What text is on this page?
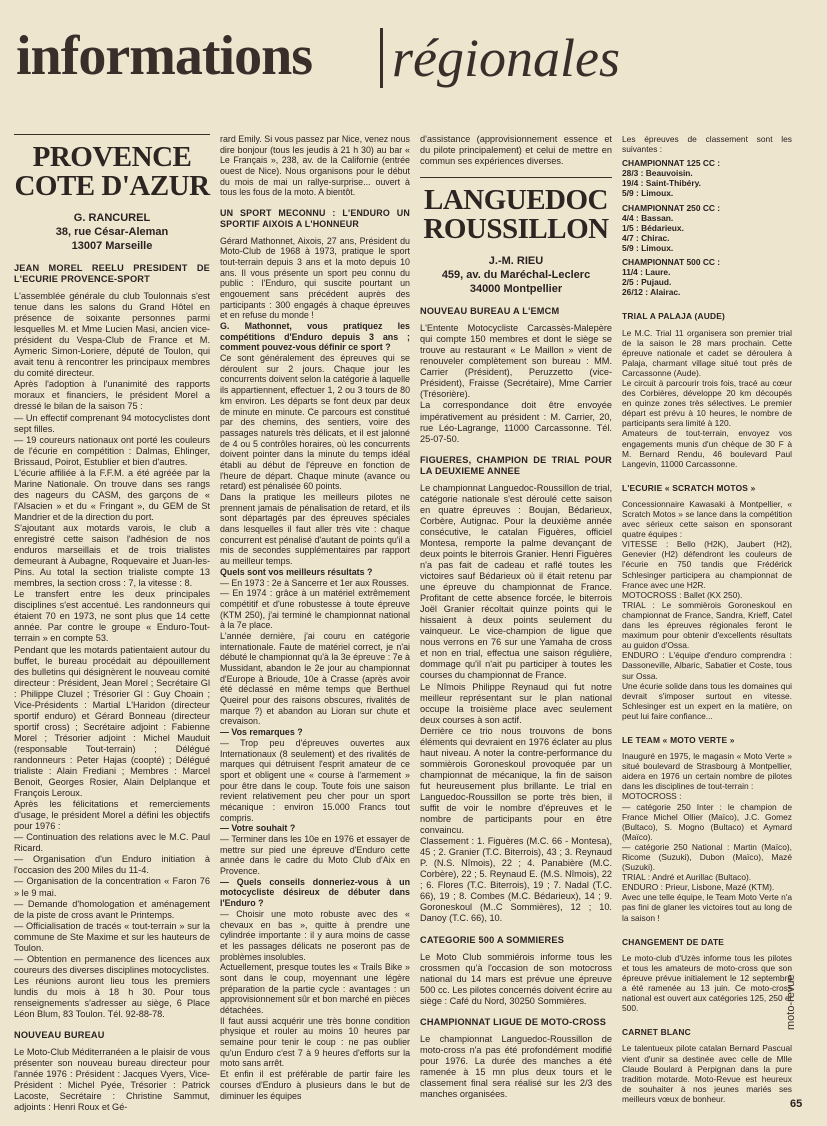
informations régionales
PROVENCE COTE D'AZUR
G. RANCUREL
38, rue César-Aleman
13007 Marseille
JEAN MOREL REELU PRESIDENT DE L'ECURIE PROVENCE-SPORT

L'assemblée générale du club Toulonnais s'est tenue dans les salons du Grand Hôtel en présence de soixante personnes parmi lesquelles M. et Mme Lucien Masi, ancien vice-président du Vespa-Club de France et M. Aymeric Simon-Loriere, député de Toulon, qui avait tenu à rencontrer les principaux membres du comité directeur.

Après l'adoption à l'unanimité des rapports moraux et financiers, le président Morel a dressé le bilan de la saison 75 :

— Un effectif comprenant 94 motocyclistes dont sept filles.

— 19 coureurs nationaux ont porté les couleurs de l'écurie en compétition : Dalmas, Ehlinger, Brissaud, Poirot, Estublier et bien d'autres.

L'écurie affiliée à la F.F.M. a été agréée par la Marine Nationale. On trouve dans ses rangs des nageurs du CASM, des garçons de « l'Alsacien » et du « Fringant », du GEM de St Mandrier et de la direction du port.

S'ajoutant aux motards varois, le club a enregistré cette saison l'adhésion de nos enduros marseillais et de trois trialistes demeurant à Aubagne, Roquevaire et Juan-les-Pins. Au total la section trialiste compte 13 membres, la section cross : 7, la vitesse : 8.

Le transfert entre les deux principales disciplines s'est accentué. Les randonneurs qui étaient 70 en 1973, ne sont plus que 14 cette année. Par contre le groupe « Enduro-Tout-terrain » en compte 53.

Pendant que les motards patientaient autour du buffet, le bureau procédait au dépouillement des bulletins qui désignèrent le nouveau comité directeur : Président, Jean Morel ; Secrétaire Gl : Philippe Cluzel ; Trésorier Gl : Guy Choain ; Vice-Présidents : Martial L'Haridon (directeur sportif enduro) et Gérard Bonneau (directeur sportif cross) ; Secrétaire adjoint : Fabienne Morel ; Trésorier adjoint : Michel Mauduit (responsable Tout-terrain) ; Délégué randonneurs : Peter Hajas (coopté) ; Délégué trialiste : Alain Frediani ; Membres : Marcel Benoit, Georges Rosier, Alain Delplanque et François Leroux.

Après les félicitations et remerciements d'usage, le président Morel a défini les objectifs pour 1976 :

— Continuation des relations avec le M.C. Paul Ricard.

— Organisation d'un Enduro initiation à l'occasion des 200 Miles du 11-4.

— Organisation de la concentration « Faron 76 » le 9 mai.

— Demande d'homologation et aménagement de la piste de cross avant le Printemps.

— Officialisation de tracés « tout-terrain » sur la commune de Ste Maxime et sur les hauteurs de Toulon.

— Obtention en permanence des licences aux coureurs des diverses disciplines motocyclistes.

Les réunions auront lieu tous les premiers lundis du mois à 18 h 30. Pour tous renseignements s'adresser au siège, 6 Place Léon Blum, 83 Toulon. Tél. 92-88-78.

NOUVEAU BUREAU

Le Moto-Club Méditerranéen a le plaisir de vous présenter son nouveau bureau directeur pour l'année 1976 : Président : Jacques Vyers, Vice-Président : Michel Pyée, Trésorier : Patrick Lacoste, Secrétaire : Christine Sammut, adjoints : Henri Roux et Gé-

rard Emily. Si vous passez par Nice, venez nous dire bonjour (tous les jeudis à 21 h 30) au bar « Le Français », 238, av. de la Californie (entrée ouest de Nice). Nous organisons pour le début du mois de mai un rallye-surprise... ouvert à tous les fous de la moto. A bientôt.

UN SPORT MECONNU : L'ENDURO UN SPORTIF AIXOIS A L'HONNEUR

Gérard Mathonnet, Aixois, 27 ans, Président du Moto-Club de 1968 à 1973, pratique le sport tout-terrain depuis 3 ans et la moto depuis 10 ans. Il vous présente un sport peu connu du public : l'Enduro, qui suscite pourtant un engouement sans précédent auprès des participants : 300 engagés à chaque épreuves et en refuse du monde !

G. Mathonnet, vous pratiquez les compétitions d'Enduro depuis 3 ans ; comment pouvez-vous définir ce sport ?

Ce sont généralement des épreuves qui se déroulent sur 2 jours. Chaque jour les concurrents doivent selon la catégorie à laquelle ils appartiennent, effectuer 1, 2 ou 3 tours de 80 km environ. Les départs se font deux par deux de minute en minute. Ce parcours est constitué par des chemins, des sentiers, voire des passages naturels très délicats, et il est jalonné de 4 ou 5 contrôles horaires, où les concurrents doivent pointer dans la minute du temps idéal établi au début de l'épreuve en fonction de l'heure de départ. Chaque minute (avance ou retard) est pénalisée 60 points.

Dans la pratique les meilleurs pilotes ne prennent jamais de pénalisation de retard, et ils sont départagés par des épreuves spéciales dans lesquelles il faut aller très vite : chaque concurrent est pénalisé d'autant de points qu'il a mis de secondes supplémentaires par rapport au meilleur temps.

Quels sont vos meilleurs résultats ?

— En 1973 : 2e à Sancerre et 1er aux Rousses.

— En 1974 : grâce à un matériel extrêmement compétitif et d'une robustesse à toute épreuve (KTM 250), j'ai terminé le championnat national à la 7e place.

L'année dernière, j'ai couru en catégorie internationale. Faute de matériel correct, je n'ai débuté le championnat qu'à la 3e épreuve : 7e à Mussidant, abandon le 2e jour au championnat d'Europe à Brioude, 10e à Crasse (après avoir été déclassé en même temps que Berthuel Queirel pour des raisons obscures, rivalités de marque ?) et abandon au Lioran sur chute et crevaison.

— Vos remarques ?

— Trop peu d'épreuves ouvertes aux Internationaux (8 seulement) et des rivalités de marques qui détruisent l'esprit amateur de ce sport et obligent une « course à l'armement » pour être dans le coup. Toute fois une saison revient relativement peu cher pour un sport mécanique : environ 15.000 Francs tout compris.

— Votre souhait ?

— Terminer dans les 10e en 1976 et essayer de mettre sur pied une épreuve d'Enduro cette année dans le cadre du Moto Club d'Aix en Provence.

— Quels conseils donneriez-vous à un motocycliste désireux de débuter dans l'Enduro ?

— Choisir une moto robuste avec des « chevaux en bas », quitte à prendre une cylindrée importante : il y aura moins de casse et les passages délicats ne poseront pas de problèmes insolubles.

Actuellement, presque toutes les « Trails Bike » sont dans le coup, moyennant une légère préparation de la partie cycle : avantages : un approvisionnement sûr et bon marché en pièces détachées.

Il faut aussi acquérir une très bonne condition physique et rouler au moins 10 heures par semaine pour tenir le coup : ne pas oublier qu'un Enduro c'est 7 à 9 heures d'efforts sur la moto sans arrêt.

Et enfin il est préférable de partir faire les courses d'Enduro à plusieurs dans le but de diminuer les équipes

d'assistance (approvisionnement essence et du pilote principalement) et celui de mettre en commun ses expériences diverses.

LANGUEDOC ROUSSILLON
J.-M. RIEU
459, av. du Maréchal-Leclerc
34000 Montpellier
NOUVEAU BUREAU A L'EMCM

L'Entente Motocycliste Carcassès-Malepère qui compte 150 membres et dont le siège se trouve au restaurant « Le Maillon » vient de renouveler complètement son bureau : MM. Carrier (Président), Peruzzetto (vice-Président), Fraisse (Secrétaire), Mme Carrier (Trésorière).

La correspondance doit être envoyée impérativement au président : M. Carrier, 20, rue Léo-Lagrange, 11000 Carcassonne. Tél. 25-07-50.

FIGUERES, CHAMPION DE TRIAL POUR LA DEUXIEME ANNEE

Le championnat Languedoc-Roussillon de trial, catégorie nationale s'est déroulé cette saison en quatre épreuves : Boujan, Bédarieux, Corbère, Autignac. Pour la deuxième année consécutive, le catalan Figuères, officiel Montesa, remporte la palme devançant de deux points le biterrois Granier. Henri Figuères n'a pas fait de cadeau et raflé toutes les victoires sauf Bédarieux où il était retenu par une épreuve du championnat de France. Profitant de cette absence forcée, le biterrois Joël Granier récoltait quinze points qui le hissaient à deux points seulement du vainqueur. Le vice-champion de ligue que nous verrons en 76 sur une Yamaha de cross et non en trial, effectua une saison régulière, dommage qu'il n'ait pu participer à toutes les courses du championnat de France.

Le Nîmois Philippe Reynaud qui fut notre meilleur représentant sur le plan national occupe la troisième place avec seulement deux courses à son actif.

Derrière ce trio nous trouvons de bons éléments qui devraient en 1976 éclater au plus haut niveau. A noter la contre-performance du sommièrois Goroneskoul provoquée par un championnat de mécanique, la fin de saison fut heureusement plus brillante. Le trial en Languedoc-Roussillon se porte très bien, il suffit de voir le nombre d'épreuves et le nombre de participants pour en être convaincu.

Classement : 1. Figuères (M.C. 66 - Montesa), 45 ; 2. Granier (T.C. Biterrois), 43 ; 3. Reynaud P. (N.S. Nîmois), 22 ; 4. Panabière (M.C. Corbère), 22 ; 5. Reynaud E. (M.S. Nîmois), 22 ; 6. Flores (T.C. Biterrois), 19 ; 7. Nadal (T.C. 66), 19 ; 8. Combes (M.C. Bédarieux), 14 ; 9. Goroneskoul (M..C Sommières), 12 ; 10. Danoy (T.C. 66), 10.

CATEGORIE 500 A SOMMIERES

Le Moto Club sommiérois informe tous les crossmen qu'à l'occasion de son motocross national du 14 mars est prévue une épreuve 500 cc. Les pilotes concernés doivent écrire au siège : Café du Nord, 30250 Sommières.

CHAMPIONNAT LIGUE DE MOTO-CROSS

Le championnat Languedoc-Roussillon de moto-cross n'a pas été profondément modifié pour 1976. La durée des manches a été ramenée à 15 mn plus deux tours et le classement final sera réalisé sur les 2/3 des manches organisées.

Les épreuves de classement sont les suivantes :

CHAMPIONNAT 125 CC :
28/3 : Beauvoisin.
19/4 : Saint-Thibéry.
5/9 : Limoux.
CHAMPIONNAT 250 CC :
4/4 : Bassan.
1/5 : Bédarieux.
4/7 : Chirac.
5/9 : Limoux.
CHAMPIONNAT 500 CC :
11/4 : Laure.
2/5 : Pujaud.
26/12 : Alairac.
TRIAL A PALAJA (AUDE)

Le M.C. Trial 11 organisera son premier trial de la saison le 28 mars prochain. Cette épreuve nationale et cadet se déroulera à Palaja, charmant village situé tout près de Carcassonne (Aude).

Le circuit à parcourir trois fois, tracé au cœur des Corbières, développe 20 km découpés en quinze zones très sélectives. Le premier départ est prévu à 10 heures, le nombre de participants sera limité à 120.

Amateurs de tout-terrain, envoyez vos engagements munis d'un chèque de 30 F à M. Bernard Rendu, 46 boulevard Paul Langevin, 11000 Carcassonne.

L'ECURIE « SCRATCH MOTOS »

Concessionnaire Kawasaki à Montpellier, « Scratch Motos » se lance dans la compétition avec sérieux cette saison en sponsorant quatre équipes :

VITESSE : Bello (H2K), Jaubert (H2), Genevier (H2) défendront les couleurs de l'écurie en 750 tandis que Frédérick Schlesinger participera au championnat de France avec une H2R.

MOTOCROSS : Ballet (KX 250).

TRIAL : Le sommièrois Goroneskoul en championnat de France, Sandra, Krieff, Catel dans les épreuves régionales feront le maximum pour obtenir d'excellents résultats au guidon d'Ossa.

ENDURO : L'équipe d'enduro comprendra : Dassoneville, Albaric, Sabatier et Coste, tous sur Ossa.

Une écurie solide dans tous les domaines qui devrait s'imposer surtout en vitesse. Schlesinger est un expert en la matière, on peut lui faire confiance...

LE TEAM « MOTO VERTE »

Inauguré en 1975, le magasin « Moto Verte » situé boulevard de Strasbourg à Montpellier, aidera en 1976 un certain nombre de pilotes dans les disciplines de tout-terrain :

MOTOCROSS :

— catégorie 250 Inter : le champion de France Michel Ollier (Maïco), J.C. Gomez (Bultaco), S. Mogno (Bultaco) et Aymard (Maïco).

— catégorie 250 National : Martin (Maïco), Ricome (Suzuki), Dubon (Maïco), Mazé (Suzuki).

TRIAL : André et Aurillac (Bultaco).

ENDURO : Prieur, Lisbone, Mazé (KTM).

Avec une telle équipe, le Team Moto Verte n'a pas fini de glaner les victoires tout au long de la saison !

CHANGEMENT DE DATE

Le moto-club d'Uzès informe tous les pilotes et tous les amateurs de moto-cross que son épreuve prévue initialement le 12 septembre a été ramenée au 13 juin. Ce moto-cross national est ouvert aux catégories 125, 250 et 500.

CARNET BLANC

Le talentueux pilote catalan Bernard Pascual vient d'unir sa destinée avec celle de Mlle Claude Boulard à Perpignan dans la pure tradition motarde. Moto-Revue est heureux de souhaiter à nos jeunes mariés ses meilleurs vœux de bonheur.

moto-revue
65
